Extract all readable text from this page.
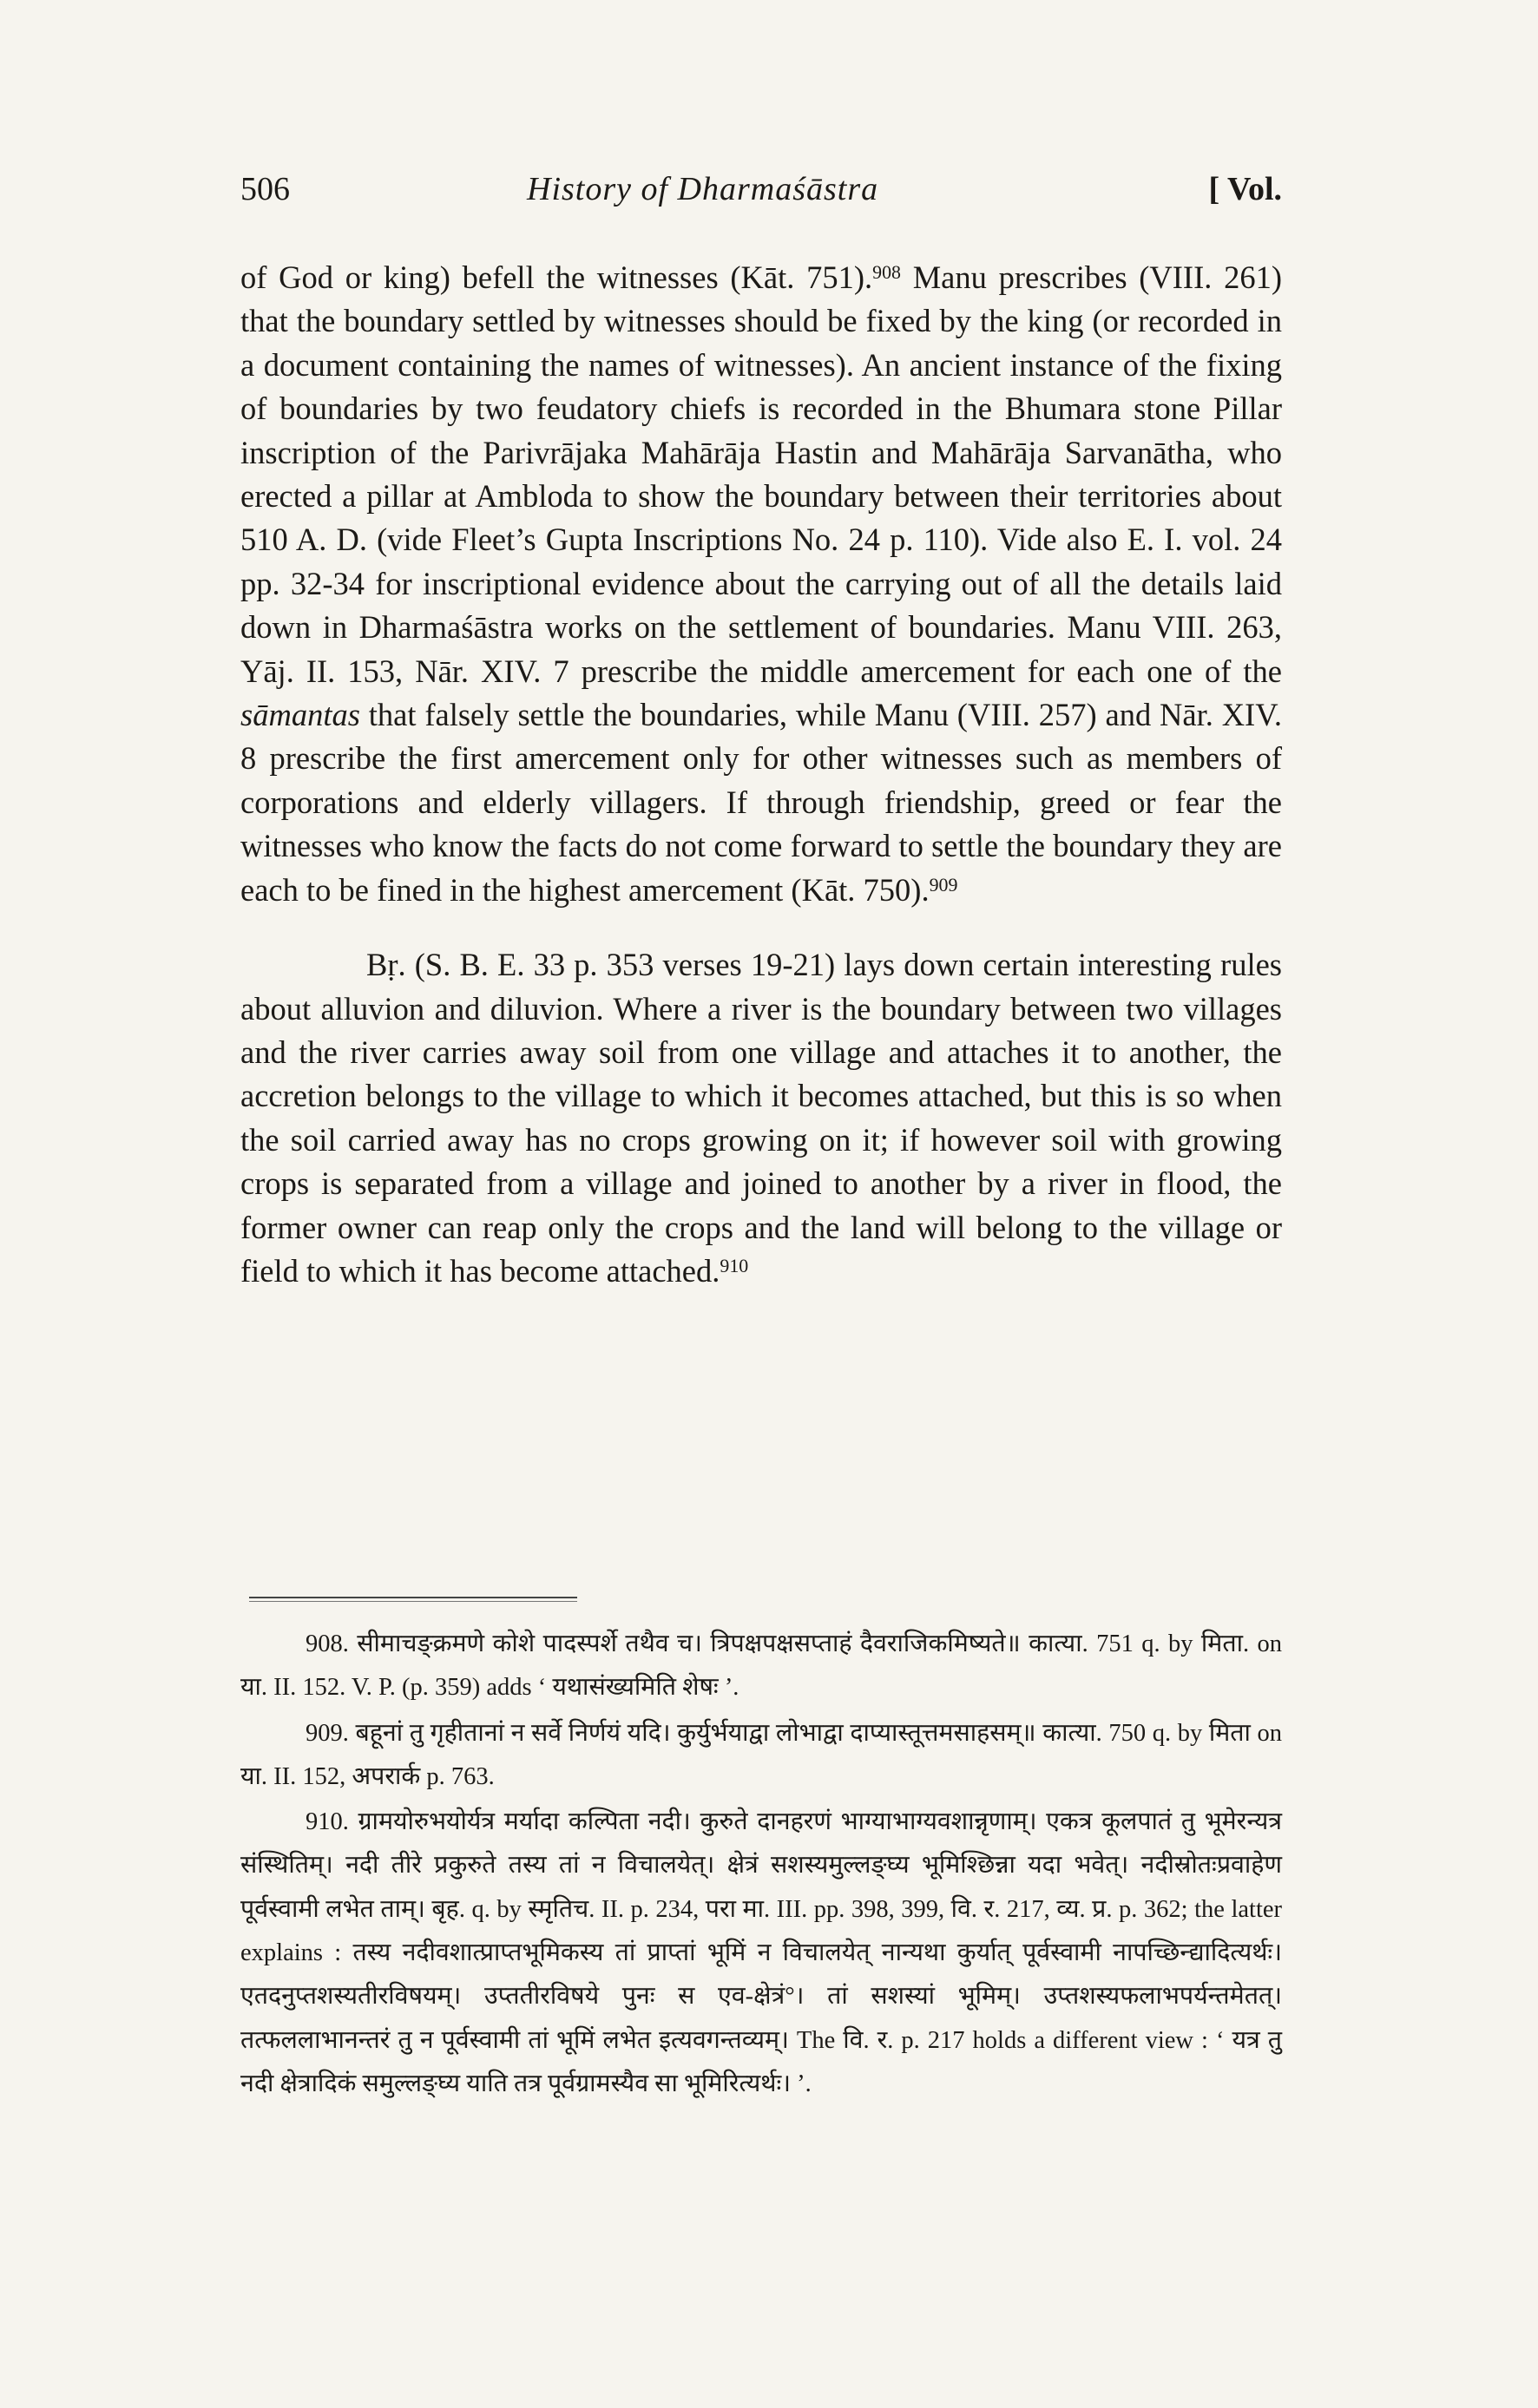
506	History of Dharmaśāstra	[ Vol.

of God or king) befell the witnesses (Kāt. 751).$^{908}$ Manu prescribes (VIII. 261) that the boundary settled by witnesses should be fixed by the king (or recorded in a document containing the names of witnesses). An ancient instance of the fixing of boundaries by two feudatory chiefs is recorded in the Bhumara stone Pillar inscription of the Parivrājaka Mahārāja Hastin and Mahārāja Sarvanātha, who erected a pillar at Ambloda to show the boundary between their territories about 510 A. D. (vide Fleet’s Gupta Inscriptions No. 24 p. 110). Vide also E. I. vol. 24 pp. 32-34 for inscriptional evidence about the carrying out of all the details laid down in Dharmaśāstra works on the settlement of boundaries. Manu VIII. 263, Yāj. II. 153, Nār. XIV. 7 prescribe the middle amercement for each one of the sāmantas that falsely settle the boundaries, while Manu (VIII. 257) and Nār. XIV. 8 prescribe the first amercement only for other witnesses such as members of corporations and elderly villagers. If through friendship, greed or fear the witnesses who know the facts do not come forward to settle the boundary they are each to be fined in the highest amercement (Kāt. 750).$^{909}$

Bṛ. (S. B. E. 33 p. 353 verses 19-21) lays down certain interesting rules about alluvion and diluvion. Where a river is the boundary between two villages and the river carries away soil from one village and attaches it to another, the accretion belongs to the village to which it becomes attached, but this is so when the soil carried away has no crops growing on it; if however soil with growing crops is separated from a village and joined to another by a river in flood, the former owner can reap only the crops and the land will belong to the village or field to which it has become attached.$^{910}$

908. सीमाचङ्क्रमणे कोशे पादस्पर्शे तथैव च। त्रिपक्षपक्षसप्ताहं दैवराजिकमिष्यते॥ कात्या. 751 q. by मिता. on या. II. 152. V. P. (p. 359) adds ‘ यथासंख्यमिति शेषः ’.

909. बहूनां तु गृहीतानां न सर्वे निर्णयं यदि। कुर्युर्भयाद्वा लोभाद्वा दाप्यास्तूत्तमसाहसम्॥ कात्या. 750 q. by मिता on या. II. 152, अपरार्क p. 763.

910. ग्रामयोरुभयोर्यत्र मर्यादा कल्पिता नदी। कुरुते दानहरणं भाग्याभाग्यवशान्नृणाम्। एकत्र कूलपातं तु भूमेरन्यत्र संस्थितिम्। नदी तीरे प्रकुरुते तस्य तां न विचालयेत्। क्षेत्रं सशस्यमुल्लङ्घ्य भूमिश्छिन्ना यदा भवेत्। नदीस्रोतःप्रवाहेण पूर्वस्वामी लभेत ताम्। बृह. q. by स्मृतिच. II. p. 234, परा मा. III. pp. 398, 399, वि. र. 217, व्य. प्र. p. 362; the latter explains : तस्य नदीवशात्प्राप्तभूमिकस्य तां प्राप्तां भूमिं न विचालयेत् नान्यथा कुर्यात् पूर्वस्वामी नापच्छिन्द्यादित्यर्थः। एतदनुप्तशस्यतीरविषयम्। उप्ततीरविषये पुनः स एव-क्षेत्रं°। तां सशस्यां भूमिम्। उप्तशस्यफलाभपर्यन्तमेतत्। तत्फललाभानन्तरं तु न पूर्वस्वामी तां भूमिं लभेत इत्यवगन्तव्यम्। The वि. र. p. 217 holds a different view : ‘ यत्र तु नदी क्षेत्रादिकं समुल्लङ्घ्य याति तत्र पूर्वग्रामस्यैव सा भूमिरित्यर्थः। ’.
